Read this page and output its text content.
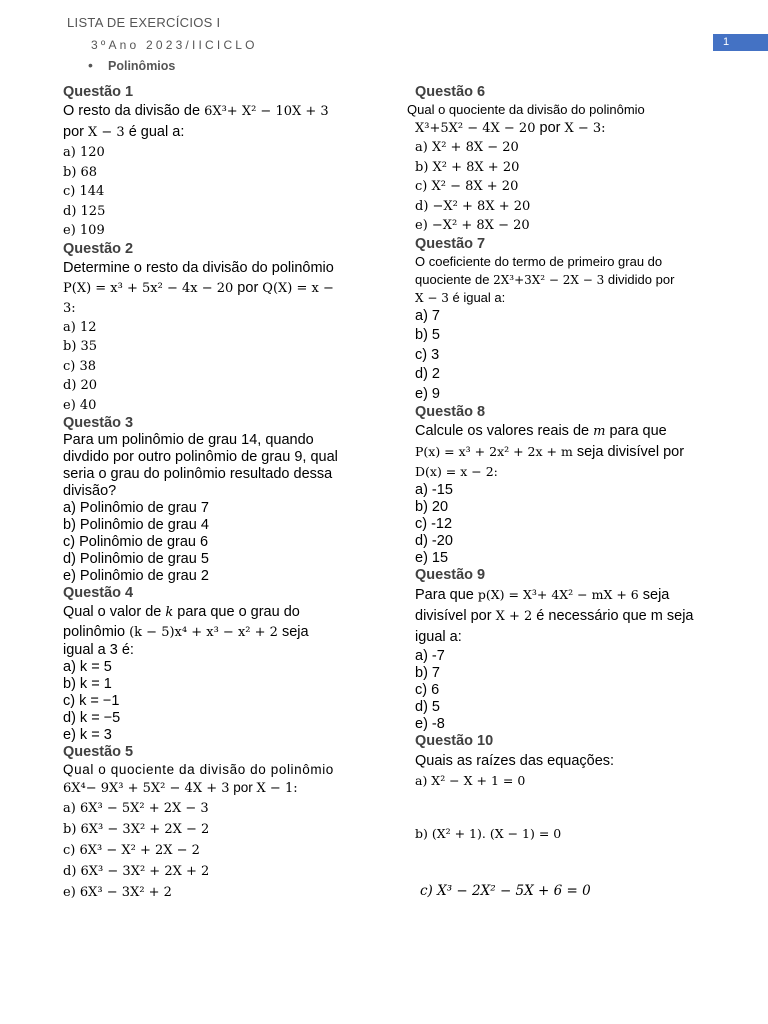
LISTA DE EXERCÍCIOS I
3ºAno 2023/IICICLO
• Polinômios
1
Questão 1
O resto da divisão de 6X³+ X² − 10X + 3
por X − 3 é gual a:
a) 120
b) 68
c) 144
d) 125
e) 109
Questão 2
Determine o resto da divisão do polinômio
P(X) = x³ + 5x² − 4x − 20 por Q(X) = x −
3:
a) 12
b) 35
c) 38
d) 20
e) 40
Questão 3
Para um polinômio de grau 14, quando
divdido por outro polinômio de grau 9, qual
seria o grau do polinômio resultado dessa
divisão?
a) Polinômio de grau 7
b) Polinômio de grau 4
c) Polinômio de grau 6
d) Polinômio de grau 5
e) Polinômio de grau 2
Questão 4
Qual o valor de k para que o grau do
polinômio (k − 5)x⁴ + x³ − x² + 2 seja
igual a 3 é:
a) k = 5
b) k = 1
c) k = −1
d) k = −5
e) k = 3
Questão 5
Qual o quociente da divisão do polinômio
6X⁴− 9X³ + 5X² − 4X + 3 por X − 1:
a) 6X³ − 5X² + 2X − 3
b) 6X³ − 3X² + 2X − 2
c) 6X³ − X² + 2X − 2
d) 6X³ − 3X² + 2X + 2
e) 6X³ − 3X² + 2
Questão 6
Qual o quociente da divisão do polinômio
X³+5X² − 4X − 20 por X − 3:
a) X² + 8X − 20
b) X² + 8X + 20
c) X² − 8X + 20
d) −X² + 8X + 20
e) −X² + 8X − 20
Questão 7
O coeficiente do termo de primeiro grau do
quociente de 2X³+3X² − 2X − 3 dividido por
X − 3 é igual a:
a) 7
b) 5
c) 3
d) 2
e) 9
Questão 8
Calcule os valores reais de m para que
P(x) = x³ + 2x² + 2x + m seja divisível por
D(x) = x − 2:
a) -15
b) 20
c) -12
d) -20
e) 15
Questão 9
Para que p(X) = X³+ 4X² − mX + 6 seja
divisível por X + 2 é necessário que m seja
igual a:
a) -7
b) 7
c) 6
d) 5
e) -8
Questão 10
Quais as raízes das equações:
a) X² − X + 1 = 0
b) (X² + 1). (X − 1) = 0
c) X³ − 2X² − 5X + 6 = 0
